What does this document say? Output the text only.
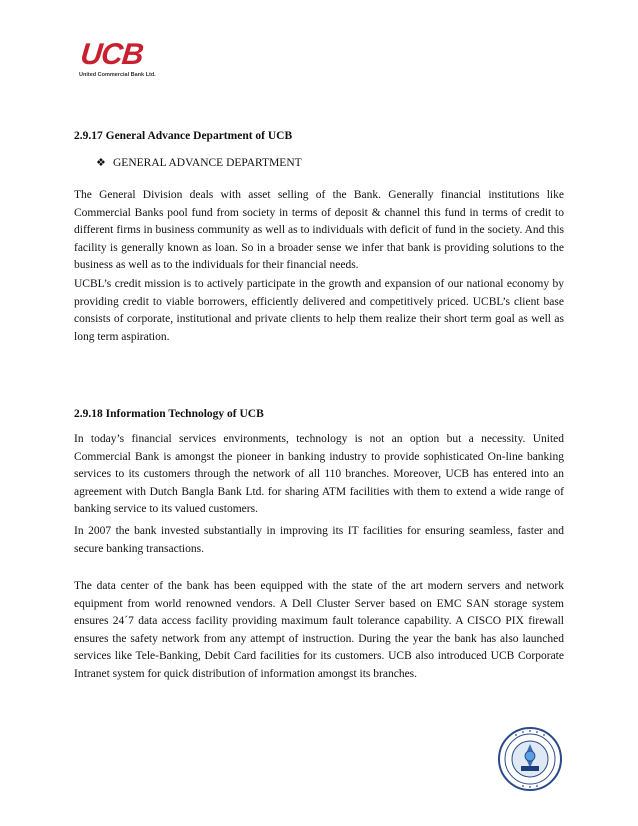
UCB
United Commercial Bank Ltd.
2.9.17 General Advance Department of UCB
❖ GENERAL ADVANCE DEPARTMENT

The General Division deals with asset selling of the Bank. Generally financial institutions like Commercial Banks pool fund from society in terms of deposit & channel this fund in terms of credit to different firms in business community as well as to individuals with deficit of fund in the society. And this facility is generally known as loan. So in a broader sense we infer that bank is providing solutions to the business as well as to the individuals for their financial needs.

UCBL’s credit mission is to actively participate in the growth and expansion of our national economy by providing credit to viable borrowers, efficiently delivered and competitively priced. UCBL’s client base consists of corporate, institutional and private clients to help them realize their short term goal as well as long term aspiration.

2.9.18 Information Technology of UCB

In today’s financial services environments, technology is not an option but a necessity. United Commercial Bank is amongst the pioneer in banking industry to provide sophisticated On-line banking services to its customers through the network of all 110 branches. Moreover, UCB has entered into an agreement with Dutch Bangla Bank Ltd. for sharing ATM facilities with them to extend a wide range of banking service to its valued customers.

In 2007 the bank invested substantially in improving its IT facilities for ensuring seamless, faster and secure banking transactions.

The data center of the bank has been equipped with the state of the art modern servers and network equipment from world renowned vendors. A Dell Cluster Server based on EMC SAN storage system ensures 24´7 data access facility providing maximum fault tolerance capability. A CISCO PIX firewall ensures the safety network from any attempt of instruction. During the year the bank has also launched services like Tele-Banking, Debit Card facilities for its customers. UCB also introduced UCB Corporate Intranet system for quick distribution of information amongst its branches.
